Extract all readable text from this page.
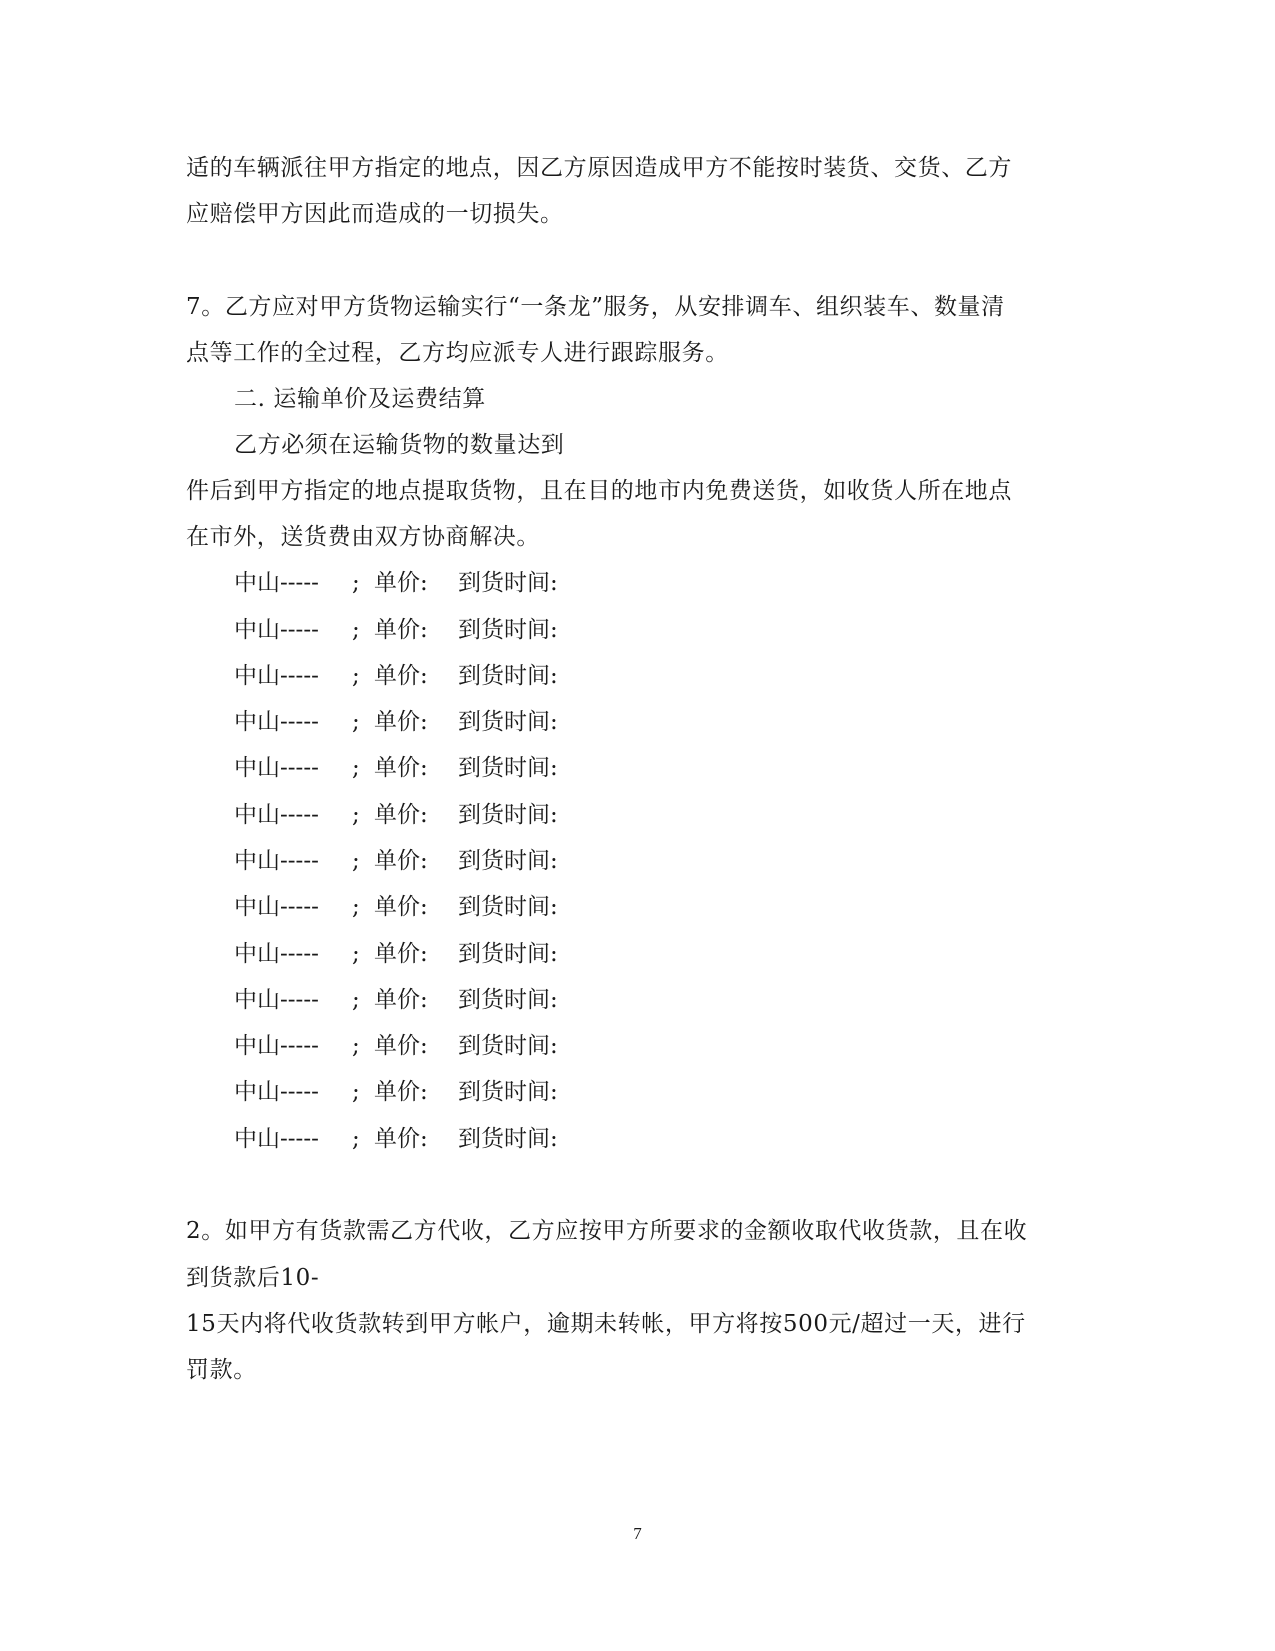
适的车辆派往甲方指定的地点，因乙方原因造成甲方不能按时装货、交货、乙方
应赔偿甲方因此而造成的一切损失。
7。乙方应对甲方货物运输实行“一条龙”服务，从安排调车、组织装车、数量清
点等工作的全过程，乙方均应派专人进行跟踪服务。
二. 运输单价及运费结算
乙方必须在运输货物的数量达到
件后到甲方指定的地点提取货物，且在目的地市内免费送货，如收货人所在地点
在市外，送货费由双方协商解决。
中山----- ; 单价: 到货时间:
中山----- ; 单价: 到货时间:
中山----- ; 单价: 到货时间:
中山----- ; 单价: 到货时间:
中山----- ; 单价: 到货时间:
中山----- ; 单价: 到货时间:
中山----- ; 单价: 到货时间:
中山----- ; 单价: 到货时间:
中山----- ; 单价: 到货时间:
中山----- ; 单价: 到货时间:
中山----- ; 单价: 到货时间:
中山----- ; 单价: 到货时间:
中山----- ; 单价: 到货时间:
2。如甲方有货款需乙方代收，乙方应按甲方所要求的金额收取代收货款，且在收
到货款后10-
15天内将代收货款转到甲方帐户，逾期未转帐，甲方将按500元/超过一天，进行
罚款。
7
